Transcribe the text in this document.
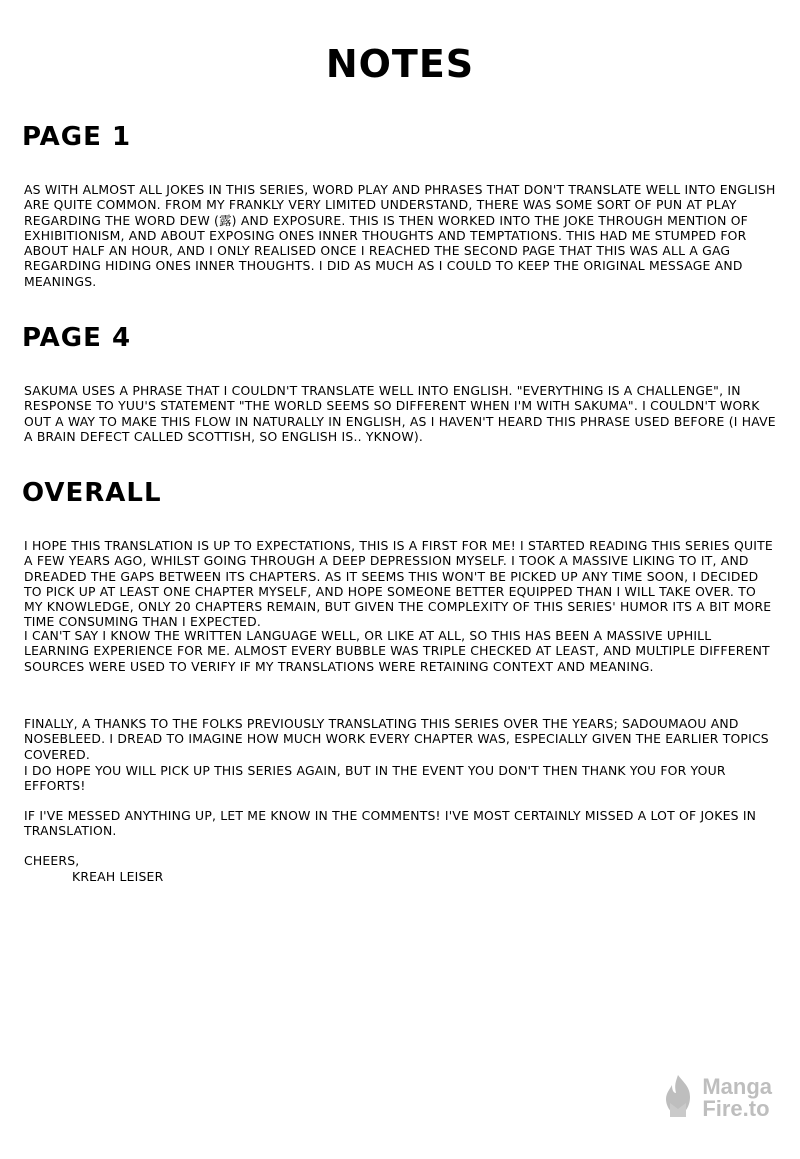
NOTES
PAGE 1

AS WITH ALMOST ALL JOKES IN THIS SERIES, WORD PLAY AND PHRASES THAT DON'T TRANSLATE WELL INTO ENGLISH ARE QUITE COMMON. FROM MY FRANKLY VERY LIMITED UNDERSTAND, THERE WAS SOME SORT OF PUN AT PLAY REGARDING THE WORD DEW (露) AND EXPOSURE. THIS IS THEN WORKED INTO THE JOKE THROUGH MENTION OF EXHIBITIONISM, AND ABOUT EXPOSING ONES INNER THOUGHTS AND TEMPTATIONS. THIS HAD ME STUMPED FOR ABOUT HALF AN HOUR, AND I ONLY REALISED ONCE I REACHED THE SECOND PAGE THAT THIS WAS ALL A GAG REGARDING HIDING ONES INNER THOUGHTS. I DID AS MUCH AS I COULD TO KEEP THE ORIGINAL MESSAGE AND MEANINGS.

PAGE 4

SAKUMA USES A PHRASE THAT I COULDN'T TRANSLATE WELL INTO ENGLISH. "EVERYTHING IS A CHALLENGE", IN RESPONSE TO YUU'S STATEMENT "THE WORLD SEEMS SO DIFFERENT WHEN I'M WITH SAKUMA". I COULDN'T WORK OUT A WAY TO MAKE THIS FLOW IN NATURALLY IN ENGLISH, AS I HAVEN'T HEARD THIS PHRASE USED BEFORE (I HAVE A BRAIN DEFECT CALLED SCOTTISH, SO ENGLISH IS.. YKNOW).

OVERALL

I HOPE THIS TRANSLATION IS UP TO EXPECTATIONS, THIS IS A FIRST FOR ME! I STARTED READING THIS SERIES QUITE A FEW YEARS AGO, WHILST GOING THROUGH A DEEP DEPRESSION MYSELF. I TOOK A MASSIVE LIKING TO IT, AND DREADED THE GAPS BETWEEN ITS CHAPTERS. AS IT SEEMS THIS WON'T BE PICKED UP ANY TIME SOON, I DECIDED TO PICK UP AT LEAST ONE CHAPTER MYSELF, AND HOPE SOMEONE BETTER EQUIPPED THAN I WILL TAKE OVER. TO MY KNOWLEDGE, ONLY 20 CHAPTERS REMAIN, BUT GIVEN THE COMPLEXITY OF THIS SERIES' HUMOR ITS A BIT MORE TIME CONSUMING THAN I EXPECTED.

I CAN'T SAY I KNOW THE WRITTEN LANGUAGE WELL, OR LIKE AT ALL, SO THIS HAS BEEN A MASSIVE UPHILL LEARNING EXPERIENCE FOR ME. ALMOST EVERY BUBBLE WAS TRIPLE CHECKED AT LEAST, AND MULTIPLE DIFFERENT SOURCES WERE USED TO VERIFY IF MY TRANSLATIONS WERE RETAINING CONTEXT AND MEANING.

FINALLY, A THANKS TO THE FOLKS PREVIOUSLY TRANSLATING THIS SERIES OVER THE YEARS; SADOUMAOU AND NOSEBLEED. I DREAD TO IMAGINE HOW MUCH WORK EVERY CHAPTER WAS, ESPECIALLY GIVEN THE EARLIER TOPICS COVERED.

I DO HOPE YOU WILL PICK UP THIS SERIES AGAIN, BUT IN THE EVENT YOU DON'T THEN THANK YOU FOR YOUR EFFORTS!

IF I'VE MESSED ANYTHING UP, LET ME KNOW IN THE COMMENTS! I'VE MOST CERTAINLY MISSED A LOT OF JOKES IN TRANSLATION.

CHEERS,

KREAH LEISER

Manga
Fire.to
